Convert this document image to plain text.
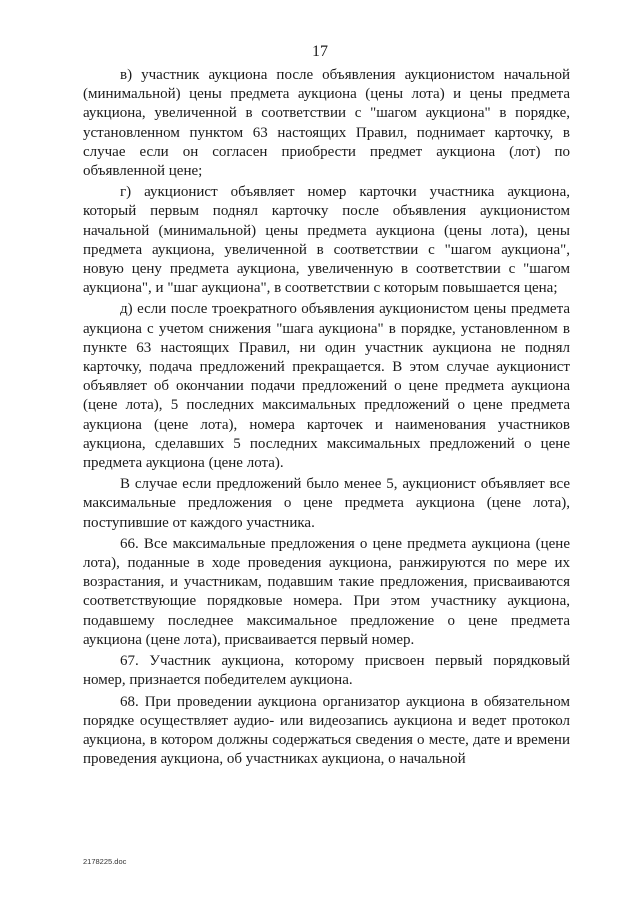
17

в) участник аукциона после объявления аукционистом начальной (минимальной) цены предмета аукциона (цены лота) и цены предмета аукциона, увеличенной в соответствии с "шагом аукциона" в порядке, установленном пунктом 63 настоящих Правил, поднимает карточку, в случае если он согласен приобрести предмет аукциона (лот) по объявленной цене;

г) аукционист объявляет номер карточки участника аукциона, который первым поднял карточку после объявления аукционистом начальной (минимальной) цены предмета аукциона (цены лота), цены предмета аукциона, увеличенной в соответствии с "шагом аукциона", новую цену предмета аукциона, увеличенную в соответствии с "шагом аукциона", и "шаг аукциона", в соответствии с которым повышается цена;

д) если после троекратного объявления аукционистом цены предмета аукциона с учетом снижения "шага аукциона" в порядке, установленном в пункте 63 настоящих Правил, ни один участник аукциона не поднял карточку, подача предложений прекращается. В этом случае аукционист объявляет об окончании подачи предложений о цене предмета аукциона (цене лота), 5 последних максимальных предложений о цене предмета аукциона (цене лота), номера карточек и наименования участников аукциона, сделавших 5 последних максимальных предложений о цене предмета аукциона (цене лота).

В случае если предложений было менее 5, аукционист объявляет все максимальные предложения о цене предмета аукциона (цене лота), поступившие от каждого участника.

66. Все максимальные предложения о цене предмета аукциона (цене лота), поданные в ходе проведения аукциона, ранжируются по мере их возрастания, и участникам, подавшим такие предложения, присваиваются соответствующие порядковые номера. При этом участнику аукциона, подавшему последнее максимальное предложение о цене предмета аукциона (цене лота), присваивается первый номер.

67. Участник аукциона, которому присвоен первый порядковый номер, признается победителем аукциона.

68. При проведении аукциона организатор аукциона в обязательном порядке осуществляет аудио- или видеозапись аукциона и ведет протокол аукциона, в котором должны содержаться сведения о месте, дате и времени проведения аукциона, об участниках аукциона, о начальной

2178225.doc
